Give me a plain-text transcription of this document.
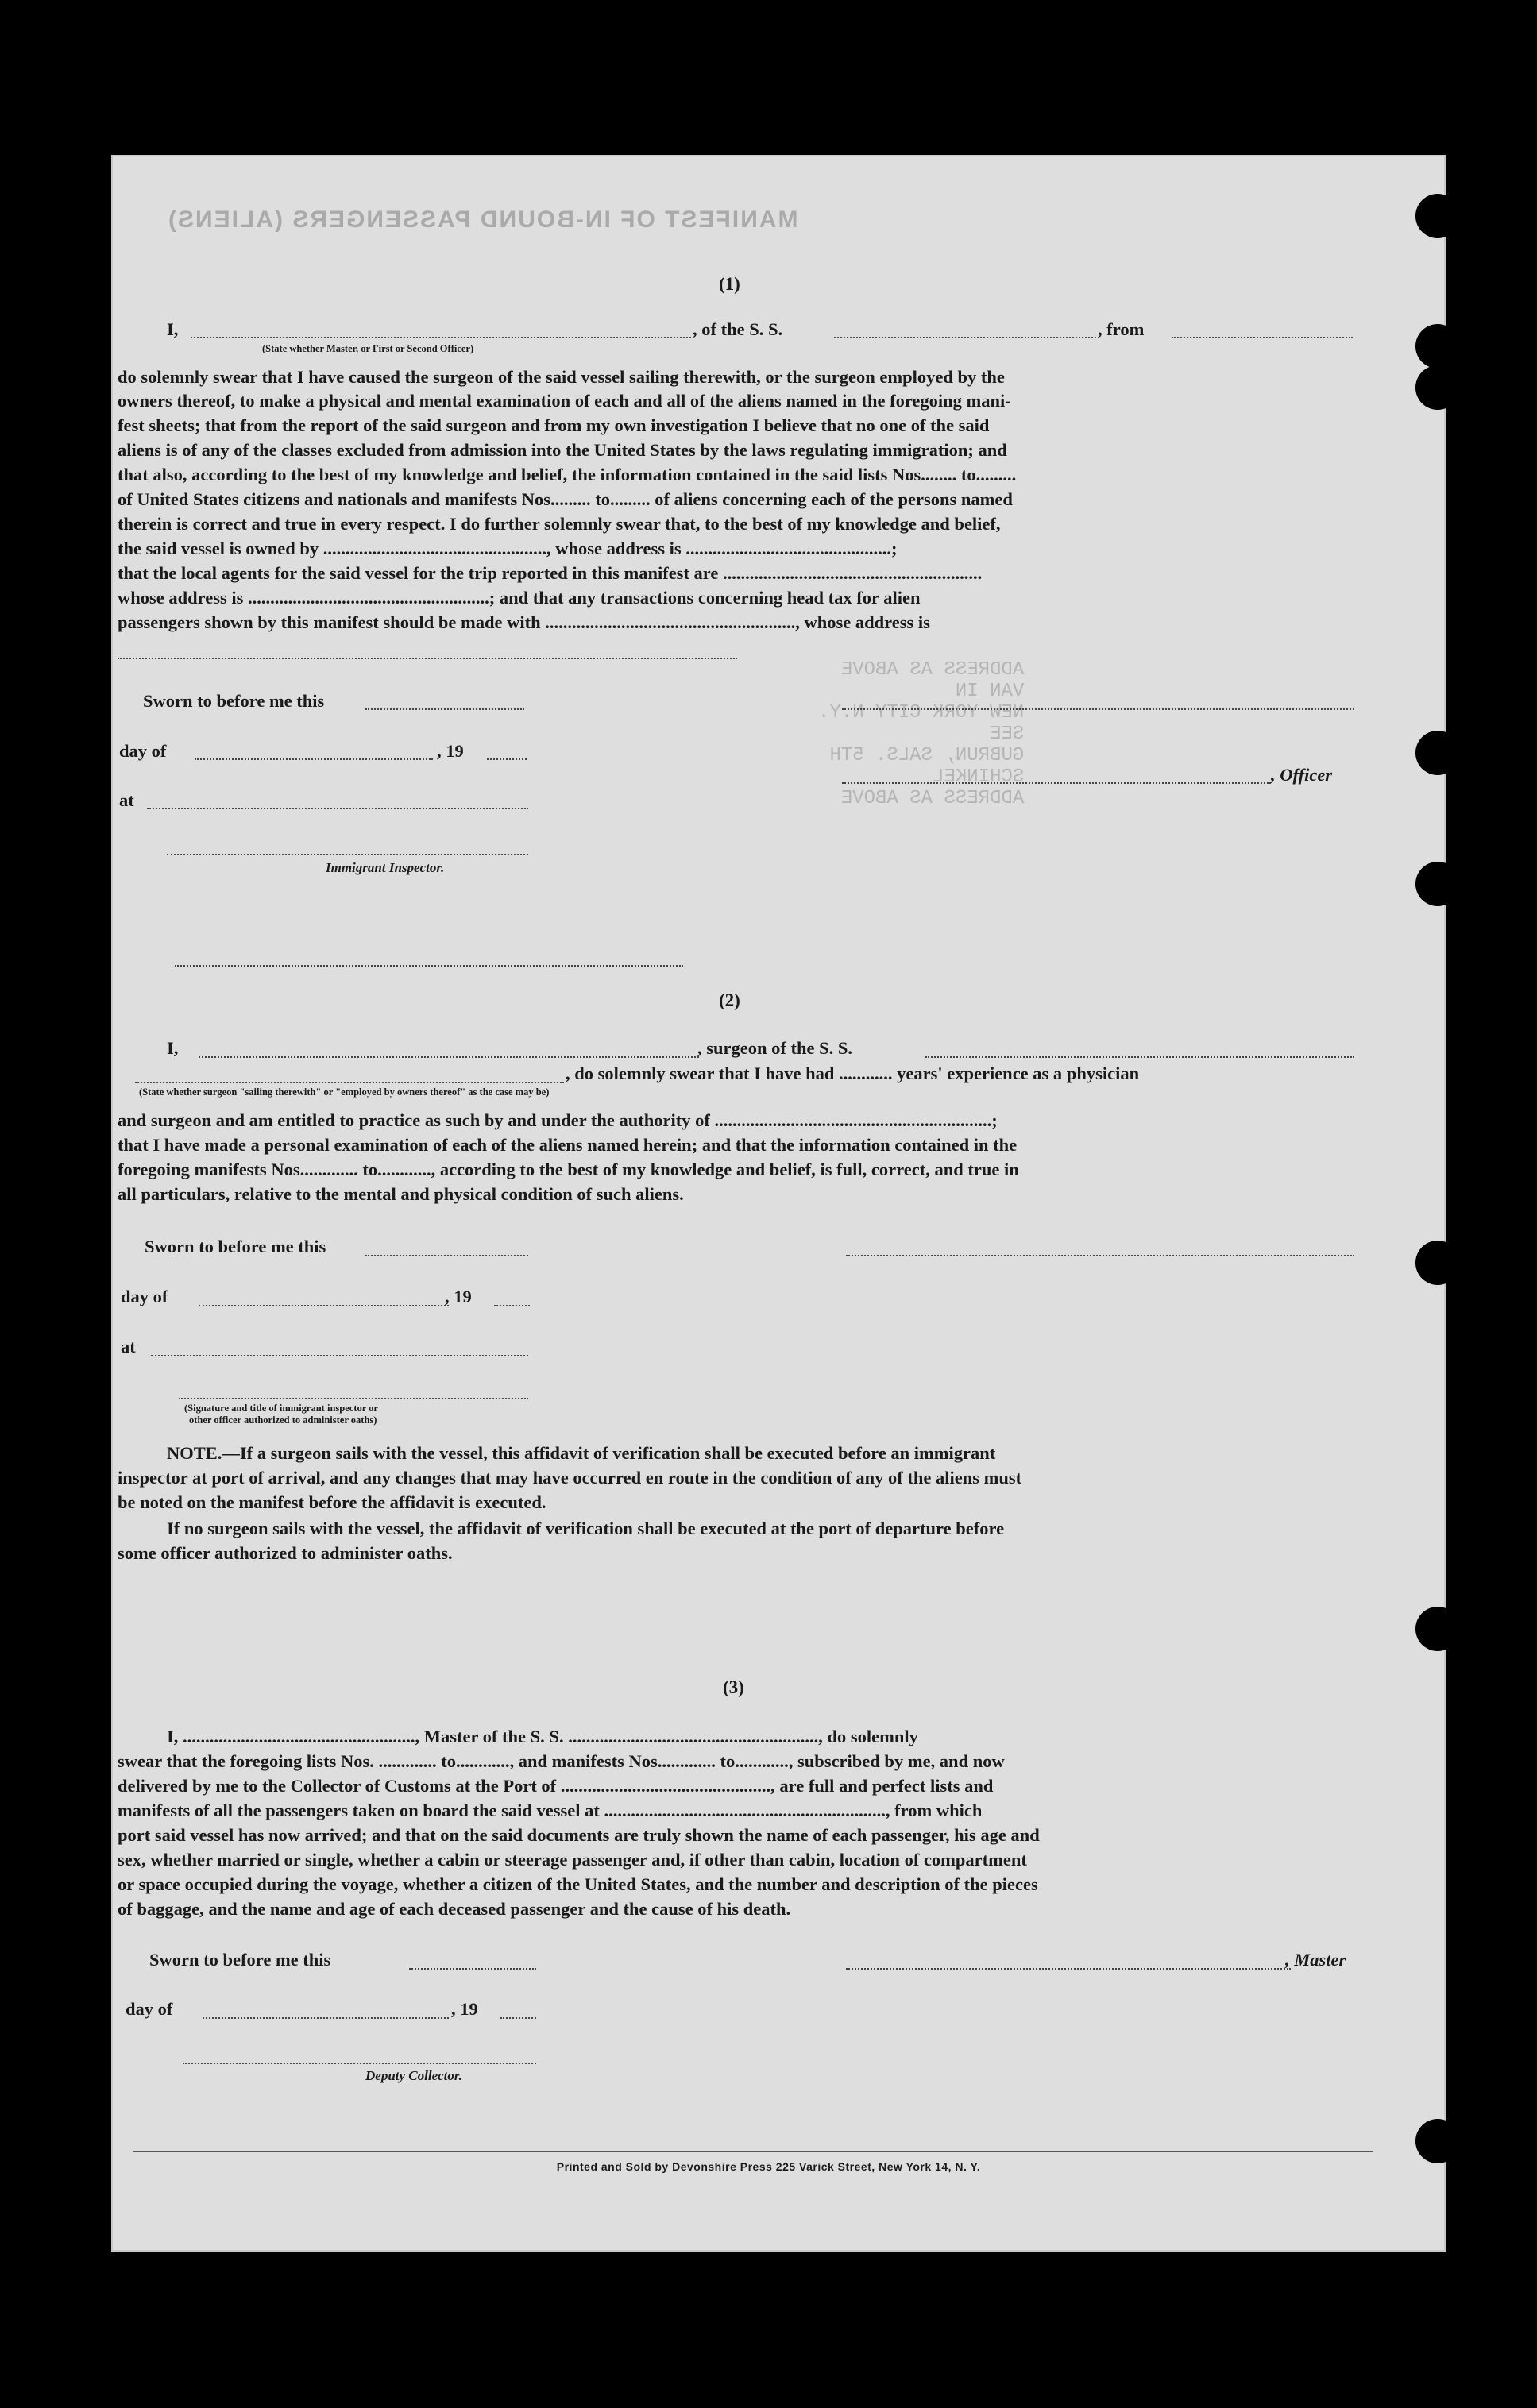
MANIFEST OF IN-BOUND PASSENGERS (ALIENS)
ADDRESS AS ABOVE
VAN IN
NEW YORK CITY N.Y.
SEE
GUBRUN, SALS. 5TH
SCHINKEL
ADDRESS AS ABOVE
(1)
I,	, of the S. S.	, from
(State whether Master, or First or Second Officer)
do solemnly swear that I have caused the surgeon of the said vessel sailing therewith, or the surgeon employed by the
owners thereof, to make a physical and mental examination of each and all of the aliens named in the foregoing mani-
fest sheets; that from the report of the said surgeon and from my own investigation I believe that no one of the said
aliens is of any of the classes excluded from admission into the United States by the laws regulating immigration; and
that also, according to the best of my knowledge and belief, the information contained in the said lists Nos........ to.........
of United States citizens and nationals and manifests Nos......... to......... of aliens concerning each of the persons named
therein is correct and true in every respect. I do further solemnly swear that, to the best of my knowledge and belief,
the said vessel is owned by .................................................., whose address is ..............................................;
that the local agents for the said vessel for the trip reported in this manifest are ..........................................................
whose address is ......................................................; and that any transactions concerning head tax for alien
passengers shown by this manifest should be made with ........................................................, whose address is
Sworn to before me this
day of	, 19
, Officer
at
Immigrant Inspector.
(2)
I,	, surgeon of the S. S.
, do solemnly swear that I have had ............ years' experience as a physician
(State whether surgeon "sailing therewith" or "employed by owners thereof" as the case may be)
and surgeon and am entitled to practice as such by and under the authority of ..............................................................;
that I have made a personal examination of each of the aliens named herein; and that the information contained in the
foregoing manifests Nos............. to............, according to the best of my knowledge and belief, is full, correct, and true in
all particulars, relative to the mental and physical condition of such aliens.
Sworn to before me this
day of	, 19
at
(Signature and title of immigrant inspector or
other officer authorized to administer oaths)
NOTE.—If a surgeon sails with the vessel, this affidavit of verification shall be executed before an immigrant
inspector at port of arrival, and any changes that may have occurred en route in the condition of any of the aliens must
be noted on the manifest before the affidavit is executed.
If no surgeon sails with the vessel, the affidavit of verification shall be executed at the port of departure before
some officer authorized to administer oaths.
(3)
I, ...................................................., Master of the S. S. ........................................................, do solemnly
swear that the foregoing lists Nos. ............. to............, and manifests Nos............. to............, subscribed by me, and now
delivered by me to the Collector of Customs at the Port of ..............................................., are full and perfect lists and
manifests of all the passengers taken on board the said vessel at ..............................................................., from which
port said vessel has now arrived; and that on the said documents are truly shown the name of each passenger, his age and
sex, whether married or single, whether a cabin or steerage passenger and, if other than cabin, location of compartment
or space occupied during the voyage, whether a citizen of the United States, and the number and description of the pieces
of baggage, and the name and age of each deceased passenger and the cause of his death.
Sworn to before me this	, Master
day of	, 19
Deputy Collector.
Printed and Sold by Devonshire Press 225 Varick Street, New York 14, N. Y.
